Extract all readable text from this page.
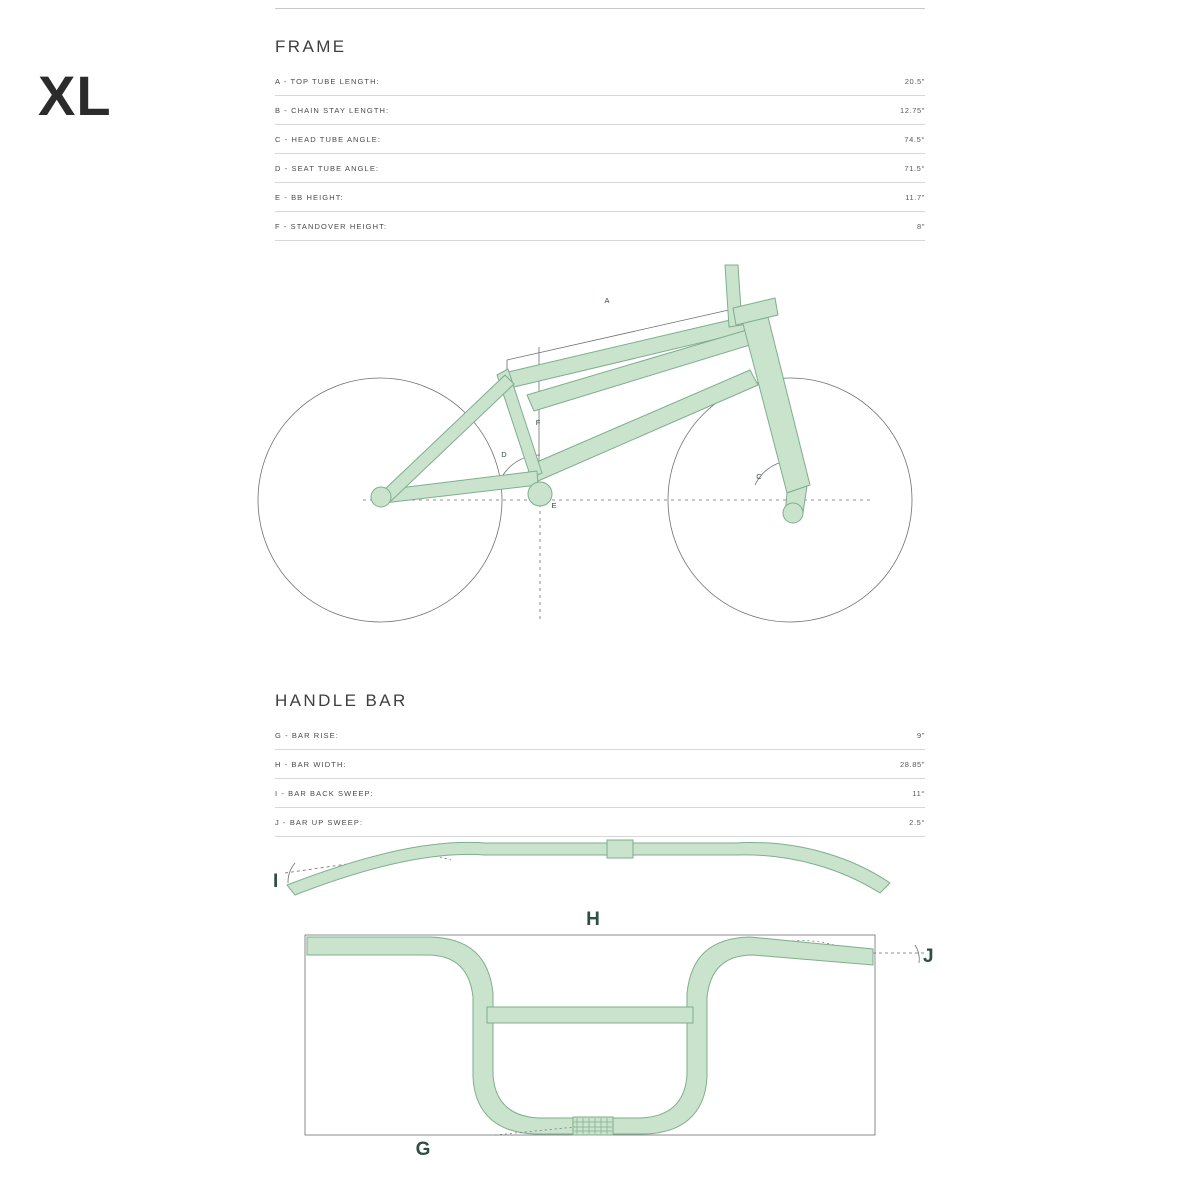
XL
FRAME
A - TOP TUBE LENGTH:	20.5"
B - CHAIN STAY LENGTH:	12.75"
C - HEAD TUBE ANGLE:	74.5°
D - SEAT TUBE ANGLE:	71.5°
E - BB HEIGHT:	11.7"
F - STANDOVER HEIGHT:	8"
A
F
D
E
C
HANDLE BAR
G - BAR RISE:	9"
H - BAR WIDTH:	28.85"
I - BAR BACK SWEEP:	11°
J - BAR UP SWEEP:	2.5°
I
H
G
J
